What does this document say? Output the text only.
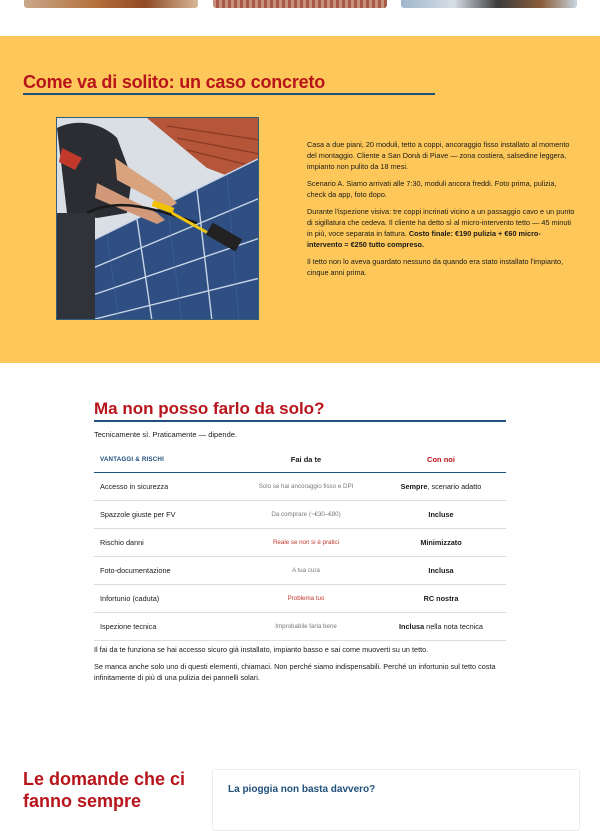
Come va di solito: un caso concreto

Casa a due piani, 20 moduli, tetto a coppi, ancoraggio fisso installato al momento del montaggio. Cliente a San Donà di Piave — zona costiera, salsedine leggera, impianto non pulito da 18 mesi.

Scenario A. Siamo arrivati alle 7:30, moduli ancora freddi. Foto prima, pulizia, check da app, foto dopo.

Durante l'ispezione visiva: tre coppi incrinati vicino a un passaggio cavo e un punto di sigillatura che cedeva. Il cliente ha detto sì al micro-intervento tetto — 45 minuti in più, voce separata in fattura. Costo finale: €190 pulizia + €60 micro-intervento = €250 tutto compreso.

Il tetto non lo aveva guardato nessuno da quando era stato installato l'impianto, cinque anni prima.

Ma non posso farlo da solo?
Tecnicamente sì. Praticamente — dipende.
VANTAGGI & RISCHI	Fai da te	Con noi
Accesso in sicurezza	Solo se hai ancoraggio fisso e DPI	Sempre, scenario adatto
Spazzole giuste per FV	Da comprare (~€30–€80)	Incluse
Rischio danni	Reale se non si è pratici	Minimizzato
Foto-documentazione	A tua cura	Inclusa
Infortunio (caduta)	Problema tuo	RC nostra
Ispezione tecnica	Improbabile farla bene	Inclusa nella nota tecnica

Il fai da te funziona se hai accesso sicuro già installato, impianto basso e sai come muoverti su un tetto.

Se manca anche solo uno di questi elementi, chiamaci. Non perché siamo indispensabili. Perché un infortunio sul tetto costa infinitamente di più di una pulizia dei pannelli solari.

Le domande che ci fanno sempre
La pioggia non basta davvero?
